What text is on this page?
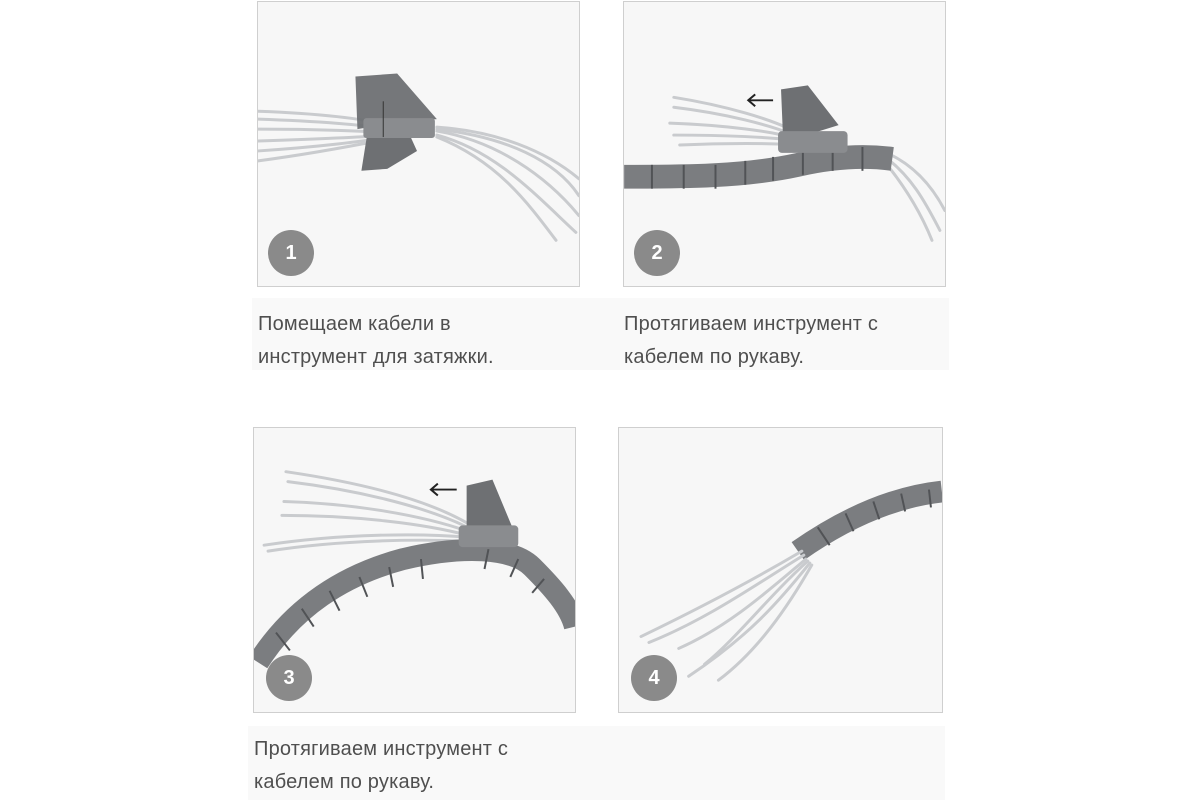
1	2
Помещаем кабели в
инструмент для затяжки.
Протягиваем инструмент с
кабелем по рукаву.
3	4
Протягиваем инструмент с
кабелем по рукаву.
